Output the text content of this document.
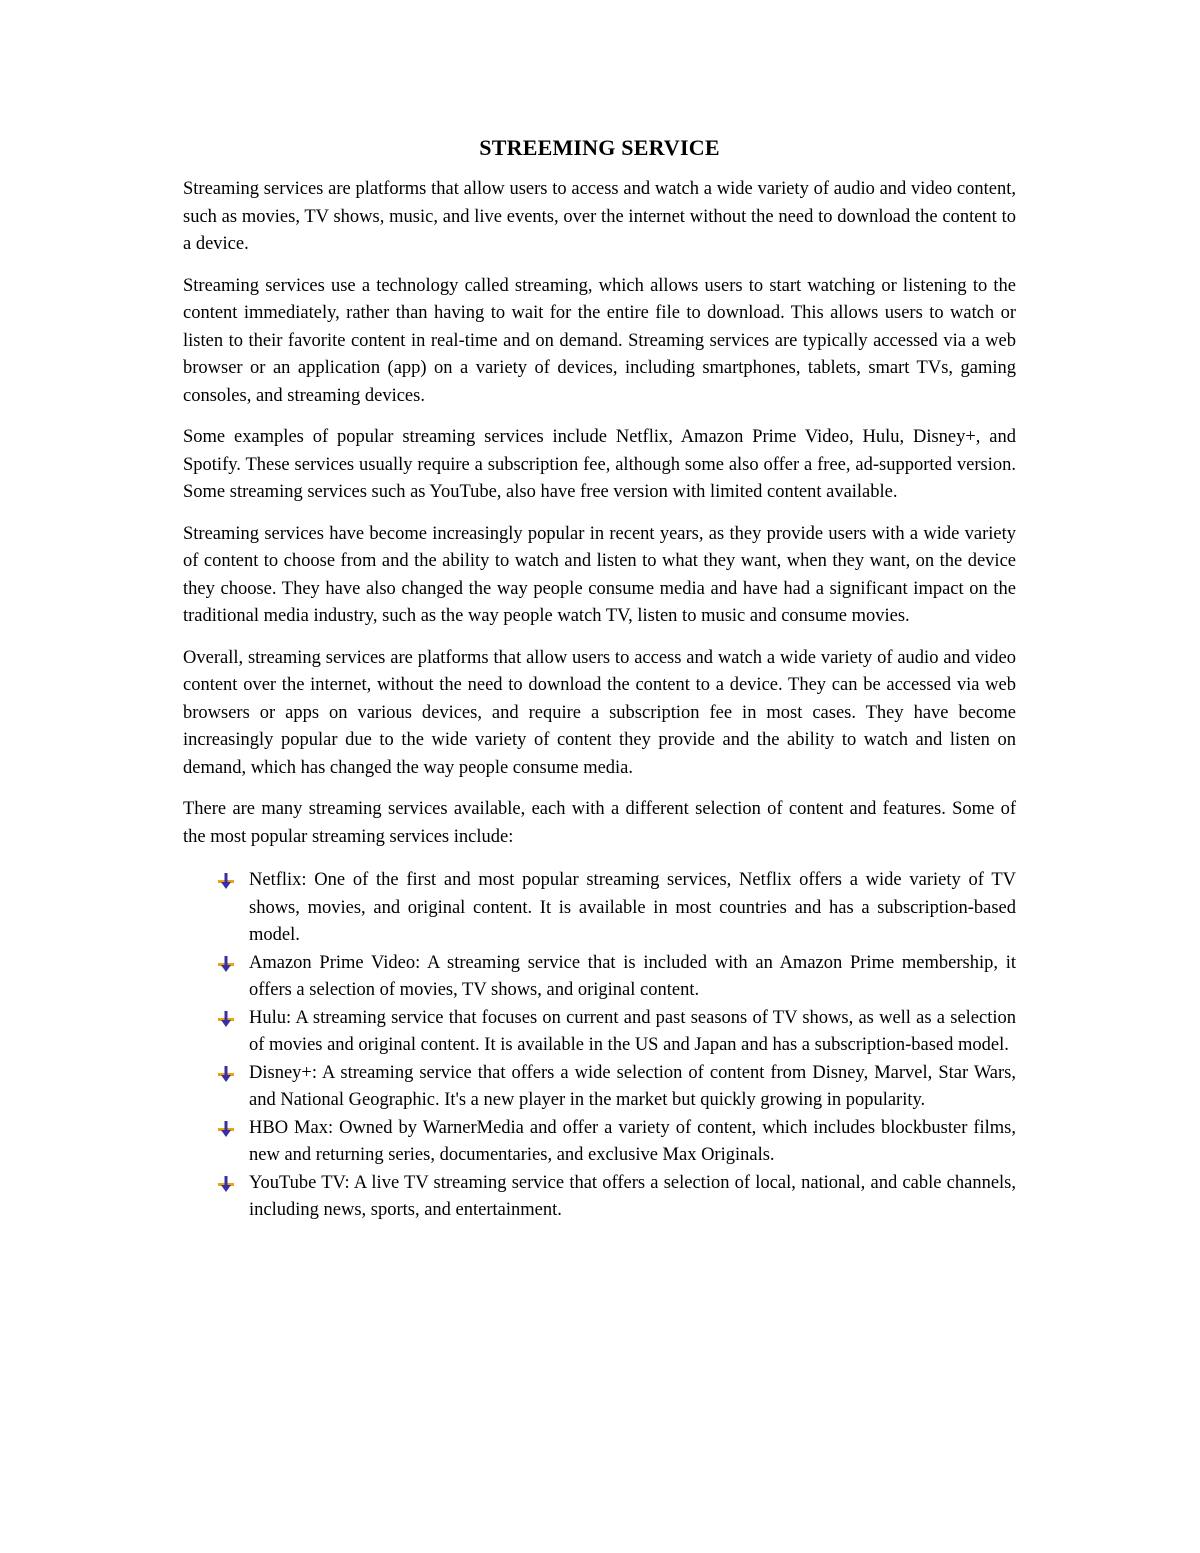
STREEMING SERVICE

Streaming services are platforms that allow users to access and watch a wide variety of audio and video content, such as movies, TV shows, music, and live events, over the internet without the need to download the content to a device.

Streaming services use a technology called streaming, which allows users to start watching or listening to the content immediately, rather than having to wait for the entire file to download. This allows users to watch or listen to their favorite content in real-time and on demand. Streaming services are typically accessed via a web browser or an application (app) on a variety of devices, including smartphones, tablets, smart TVs, gaming consoles, and streaming devices.

Some examples of popular streaming services include Netflix, Amazon Prime Video, Hulu, Disney+, and Spotify. These services usually require a subscription fee, although some also offer a free, ad-supported version. Some streaming services such as YouTube, also have free version with limited content available.

Streaming services have become increasingly popular in recent years, as they provide users with a wide variety of content to choose from and the ability to watch and listen to what they want, when they want, on the device they choose. They have also changed the way people consume media and have had a significant impact on the traditional media industry, such as the way people watch TV, listen to music and consume movies.

Overall, streaming services are platforms that allow users to access and watch a wide variety of audio and video content over the internet, without the need to download the content to a device. They can be accessed via web browsers or apps on various devices, and require a subscription fee in most cases. They have become increasingly popular due to the wide variety of content they provide and the ability to watch and listen on demand, which has changed the way people consume media.

There are many streaming services available, each with a different selection of content and features. Some of the most popular streaming services include:

Netflix: One of the first and most popular streaming services, Netflix offers a wide variety of TV shows, movies, and original content. It is available in most countries and has a subscription-based model.
Amazon Prime Video: A streaming service that is included with an Amazon Prime membership, it offers a selection of movies, TV shows, and original content.
Hulu: A streaming service that focuses on current and past seasons of TV shows, as well as a selection of movies and original content. It is available in the US and Japan and has a subscription-based model.
Disney+: A streaming service that offers a wide selection of content from Disney, Marvel, Star Wars, and National Geographic. It's a new player in the market but quickly growing in popularity.
HBO Max: Owned by WarnerMedia and offer a variety of content, which includes blockbuster films, new and returning series, documentaries, and exclusive Max Originals.
YouTube TV: A live TV streaming service that offers a selection of local, national, and cable channels, including news, sports, and entertainment.
